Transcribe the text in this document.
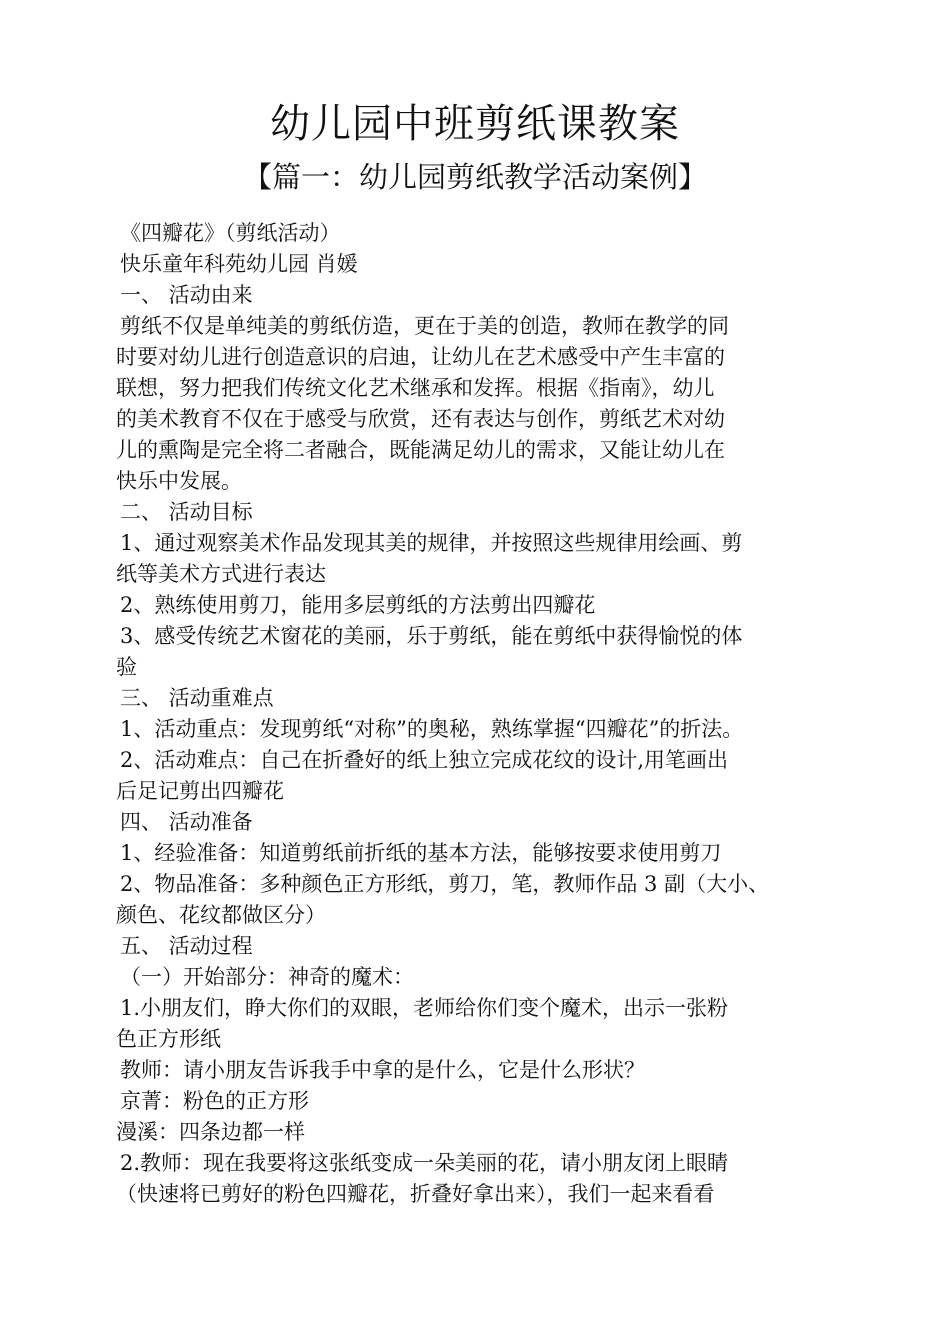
幼儿园中班剪纸课教案
【篇一：幼儿园剪纸教学活动案例】
《四瓣花》（剪纸活动）
快乐童年科苑幼儿园 肖媛
一、 活动由来
剪纸不仅是单纯美的剪纸仿造，更在于美的创造，教师在教学的同
时要对幼儿进行创造意识的启迪，让幼儿在艺术感受中产生丰富的
联想，努力把我们传统文化艺术继承和发挥。根据《指南》，幼儿
的美术教育不仅在于感受与欣赏，还有表达与创作，剪纸艺术对幼
儿的熏陶是完全将二者融合，既能满足幼儿的需求，又能让幼儿在
快乐中发展。
二、 活动目标
1、通过观察美术作品发现其美的规律，并按照这些规律用绘画、剪
纸等美术方式进行表达
2、熟练使用剪刀，能用多层剪纸的方法剪出四瓣花
3、感受传统艺术窗花的美丽，乐于剪纸，能在剪纸中获得愉悦的体
验
三、 活动重难点
1、活动重点：发现剪纸“对称”的奥秘，熟练掌握“四瓣花”的折法。
2、活动难点：自己在折叠好的纸上独立完成花纹的设计,用笔画出
后足记剪出四瓣花
四、 活动准备
1、经验准备：知道剪纸前折纸的基本方法，能够按要求使用剪刀
2、物品准备：多种颜色正方形纸，剪刀，笔，教师作品 3 副（大小、
颜色、花纹都做区分）
五、 活动过程
（一）开始部分：神奇的魔术：
1.小朋友们，睁大你们的双眼，老师给你们变个魔术，出示一张粉
色正方形纸
教师：请小朋友告诉我手中拿的是什么，它是什么形状？
京菁：粉色的正方形
漫溪：四条边都一样
2.教师：现在我要将这张纸变成一朵美丽的花，请小朋友闭上眼睛
（快速将已剪好的粉色四瓣花，折叠好拿出来），我们一起来看看
